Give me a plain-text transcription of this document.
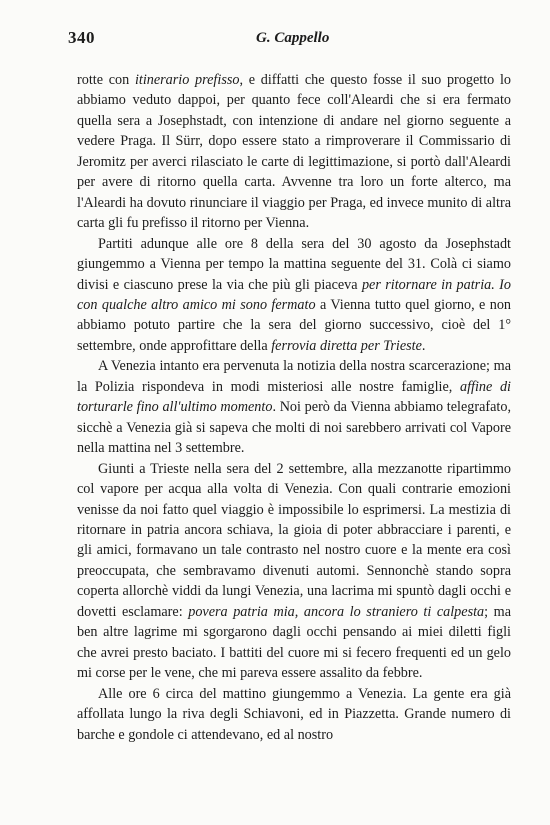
340	G. Cappello

rotte con itinerario prefisso, e diffatti che questo fosse il suo progetto lo abbiamo veduto dappoi, per quanto fece coll'Aleardi che si era fermato quella sera a Josephstadt, con intenzione di andare nel giorno seguente a vedere Praga. Il Sürr, dopo essere stato a rimproverare il Commissario di Jeromitz per averci rilasciato le carte di legittimazione, si portò dall'Aleardi per avere di ritorno quella carta. Avvenne tra loro un forte alterco, ma l'Aleardi ha dovuto rinunciare il viaggio per Praga, ed invece munito di altra carta gli fu prefisso il ritorno per Vienna.

Partiti adunque alle ore 8 della sera del 30 agosto da Josephstadt giungemmo a Vienna per tempo la mattina seguente del 31. Colà ci siamo divisi e ciascuno prese la via che più gli piaceva per ritornare in patria. Io con qualche altro amico mi sono fermato a Vienna tutto quel giorno, e non abbiamo potuto partire che la sera del giorno successivo, cioè del 1° settembre, onde approfittare della ferrovia diretta per Trieste.

A Venezia intanto era pervenuta la notizia della nostra scarcerazione; ma la Polizia rispondeva in modi misteriosi alle nostre famiglie, affine di torturarle fino all'ultimo momento. Noi però da Vienna abbiamo telegrafato, sicchè a Venezia già si sapeva che molti di noi sarebbero arrivati col Vapore nella mattina nel 3 settembre.

Giunti a Trieste nella sera del 2 settembre, alla mezzanotte ripartimmo col vapore per acqua alla volta di Venezia. Con quali contrarie emozioni venisse da noi fatto quel viaggio è impossibile lo esprimersi. La mestizia di ritornare in patria ancora schiava, la gioia di poter abbracciare i parenti, e gli amici, formavano un tale contrasto nel nostro cuore e la mente era così preoccupata, che sembravamo divenuti automi. Sennonchè stando sopra coperta allorchè viddi da lungi Venezia, una lacrima mi spuntò dagli occhi e dovetti esclamare: povera patria mia, ancora lo straniero ti calpesta; ma ben altre lagrime mi sgorgarono dagli occhi pensando ai miei diletti figli che avrei presto baciato. I battiti del cuore mi si fecero frequenti ed un gelo mi corse per le vene, che mi pareva essere assalito da febbre.

Alle ore 6 circa del mattino giungemmo a Venezia. La gente era già affollata lungo la riva degli Schiavoni, ed in Piazzetta. Grande numero di barche e gondole ci attendevano, ed al nostro
